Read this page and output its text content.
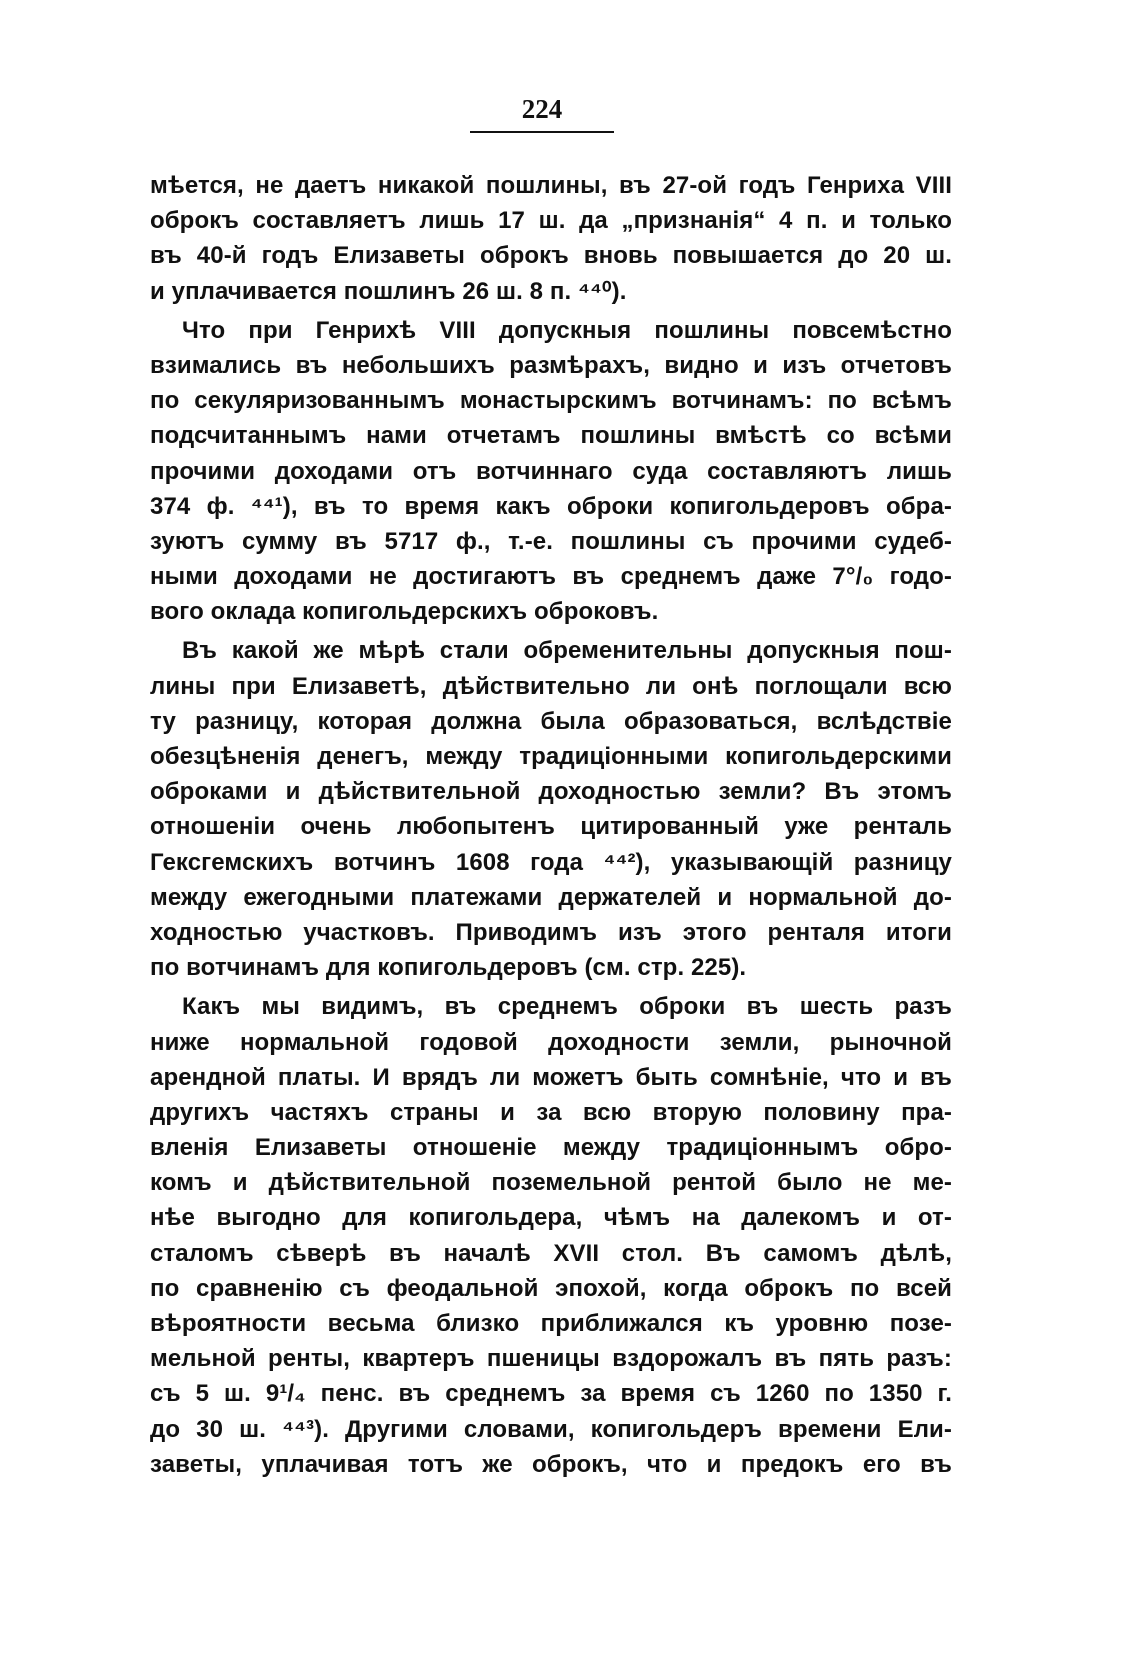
224
мѣется, не даетъ никакой пошлины, въ 27-ой годъ Генриха VIII
оброкъ составляетъ лишь 17 ш. да „признанія“ 4 п. и только
въ 40-й годъ Елизаветы оброкъ вновь повышается до 20 ш.
и уплачивается пошлинъ 26 ш. 8 п. ⁴⁴⁰).
Что при Генрихѣ VIII допускныя пошлины повсемѣстно
взимались въ небольшихъ размѣрахъ, видно и изъ отчетовъ
по секуляризованнымъ монастырскимъ вотчинамъ: по всѣмъ
подсчитаннымъ нами отчетамъ пошлины вмѣстѣ со всѣми
прочими доходами отъ вотчиннаго суда составляютъ лишь
374 ф. ⁴⁴¹), въ то время какъ оброки копигольдеровъ обра-
зуютъ сумму въ 5717 ф., т.-е. пошлины съ прочими судеб-
ными доходами не достигаютъ въ среднемъ даже 7°/₀ годо-
вого оклада копигольдерскихъ оброковъ.
Въ какой же мѣрѣ стали обременительны допускныя пош-
лины при Елизаветѣ, дѣйствительно ли онѣ поглощали всю
ту разницу, которая должна была образоваться, вслѣдствіе
обезцѣненія денегъ, между традиціонными копигольдерскими
оброками и дѣйствительной доходностью земли? Въ этомъ
отношеніи очень любопытенъ цитированный уже ренталь
Гексгемскихъ вотчинъ 1608 года ⁴⁴²), указывающій разницу
между ежегодными платежами держателей и нормальной до-
ходностью участковъ. Приводимъ изъ этого ренталя итоги
по вотчинамъ для копигольдеровъ (см. стр. 225).
Какъ мы видимъ, въ среднемъ оброки въ шесть разъ
ниже нормальной годовой доходности земли, рыночной
арендной платы. И врядъ ли можетъ быть сомнѣніе, что и въ
другихъ частяхъ страны и за всю вторую половину пра-
вленія Елизаветы отношеніе между традиціоннымъ обро-
комъ и дѣйствительной поземельной рентой было не ме-
нѣе выгодно для копигольдера, чѣмъ на далекомъ и от-
сталомъ сѣверѣ въ началѣ XVII стол. Въ самомъ дѣлѣ,
по сравненію съ феодальной эпохой, когда оброкъ по всей
вѣроятности весьма близко приближался къ уровню позе-
мельной ренты, квартеръ пшеницы вздорожалъ въ пять разъ:
съ 5 ш. 9¹/₄ пенс. въ среднемъ за время съ 1260 по 1350 г.
до 30 ш. ⁴⁴³). Другими словами, копигольдеръ времени Ели-
заветы, уплачивая тотъ же оброкъ, что и предокъ его въ
